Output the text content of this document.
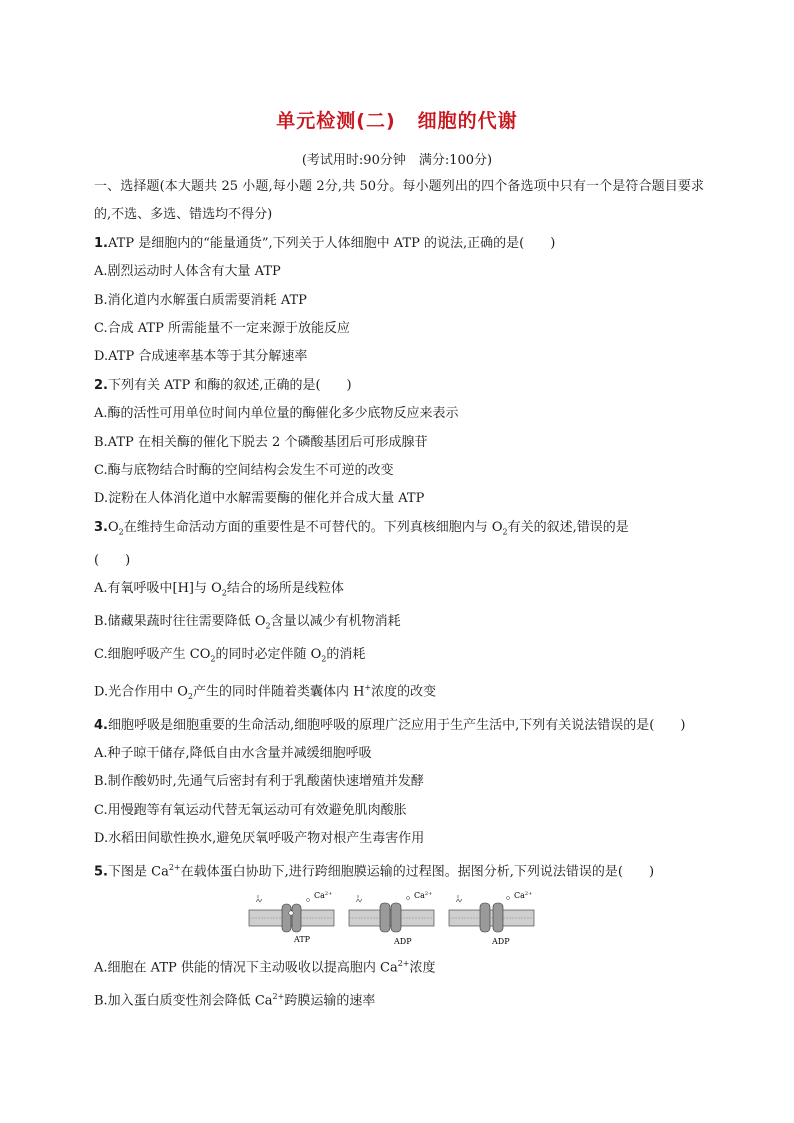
单元检测(二) 细胞的代谢
(考试用时:90分钟　满分:100分)
一、选择题(本大题共 25 小题,每小题 2分,共 50分。每小题列出的四个备选项中只有一个是符合题目要求的,不选、多选、错选均不得分)
1.ATP 是细胞内的“能量通货”,下列关于人体细胞中 ATP 的说法,正确的是(　　)
A.剧烈运动时人体含有大量 ATP
B.消化道内水解蛋白质需要消耗 ATP
C.合成 ATP 所需能量不一定来源于放能反应
D.ATP 合成速率基本等于其分解速率
2.下列有关 ATP 和酶的叙述,正确的是(　　)
A.酶的活性可用单位时间内单位量的酶催化多少底物反应来表示
B.ATP 在相关酶的催化下脱去 2 个磷酸基团后可形成腺苷
C.酶与底物结合时酶的空间结构会发生不可逆的改变
D.淀粉在人体消化道中水解需要酶的催化并合成大量 ATP
$3.O_2$在维持生命活动方面的重要性是不可替代的。下列真核细胞内与 $O_2$有关的叙述,错误的是
(　　)
A.有氧呼吸中[H]与 $O_2$结合的场所是线粒体
B.储藏果蔬时往往需要降低 $O_2$含量以减少有机物消耗
C.细胞呼吸产生 $CO_2$的同时必定伴随 $O_2$的消耗
D.光合作用中 $O_2$产生的同时伴随着类囊体内 H+浓度的改变
4.细胞呼吸是细胞重要的生命活动,细胞呼吸的原理广泛应用于生产生活中,下列有关说法错误的是(　　)
A.种子晾干储存,降低自由水含量并减缓细胞呼吸
B.制作酸奶时,先通气后密封有利于乳酸菌快速增殖并发酵
C.用慢跑等有氧运动代替无氧运动可有效避免肌肉酸胀
D.水稻田间歇性换水,避免厌氧呼吸产物对根产生毒害作用
5.下图是 $Ca^{2+}$在载体蛋白协助下,进行跨细胞膜运输的过程图。据图分析,下列说法错误的是(　　)
$Ca^{2+}$
ATP
$Ca^{2+}$
ADP
$Ca^{2+}$
ADP
A.细胞在 ATP 供能的情况下主动吸收以提高胞内 $Ca^{2+}$浓度
B.加入蛋白质变性剂会降低 $Ca^{2+}$跨膜运输的速率
